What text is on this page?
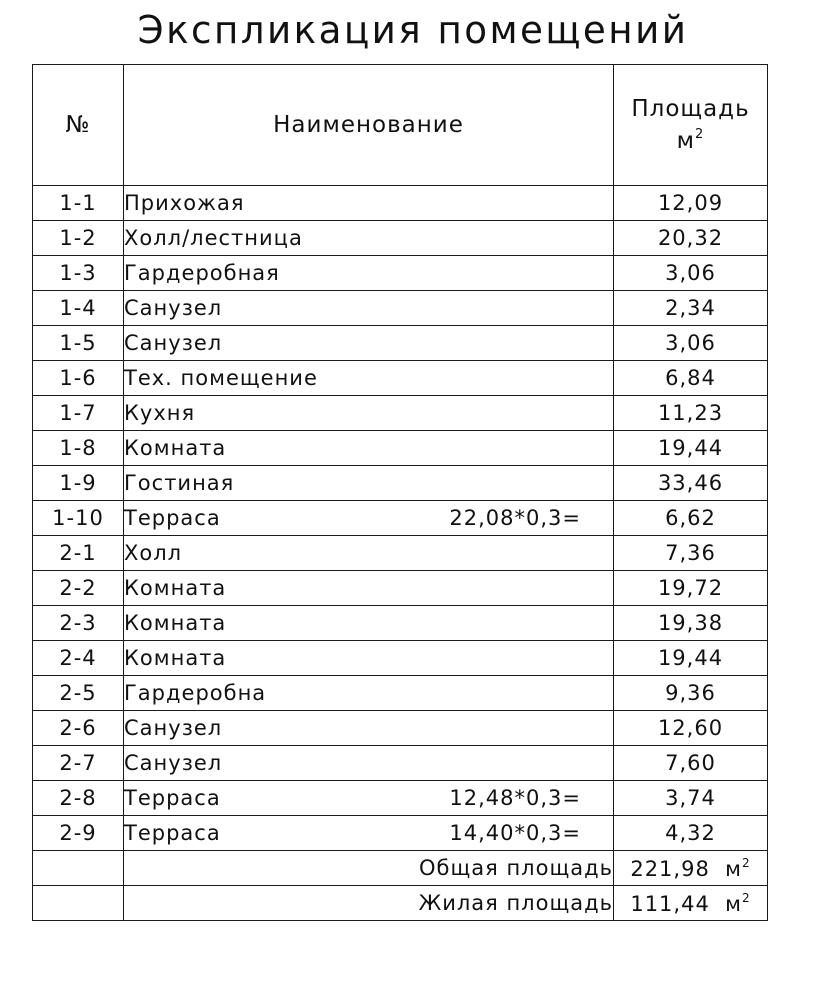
Экспликация помещений
№	Наименование	Площадь
$м^2$
1-1	Прихожая	12,09
1-2	Холл/лестница	20,32
1-3	Гардеробная	3,06
1-4	Санузел	2,34
1-5	Санузел	3,06
1-6	Тех. помещение	6,84
1-7	Кухня	11,23
1-8	Комната	19,44
1-9	Гостиная	33,46
1-10	Терраса 22,08*0,3=	6,62
2-1	Холл	7,36
2-2	Комната	19,72
2-3	Комната	19,38
2-4	Комната	19,44
2-5	Гардеробна	9,36
2-6	Санузел	12,60
2-7	Санузел	7,60
2-8	Терраса 12,48*0,3=	3,74
2-9	Терраса 14,40*0,3=	4,32
	Общая площадь	221,98 $м^2$
	Жилая площадь	111,44 $м^2$
